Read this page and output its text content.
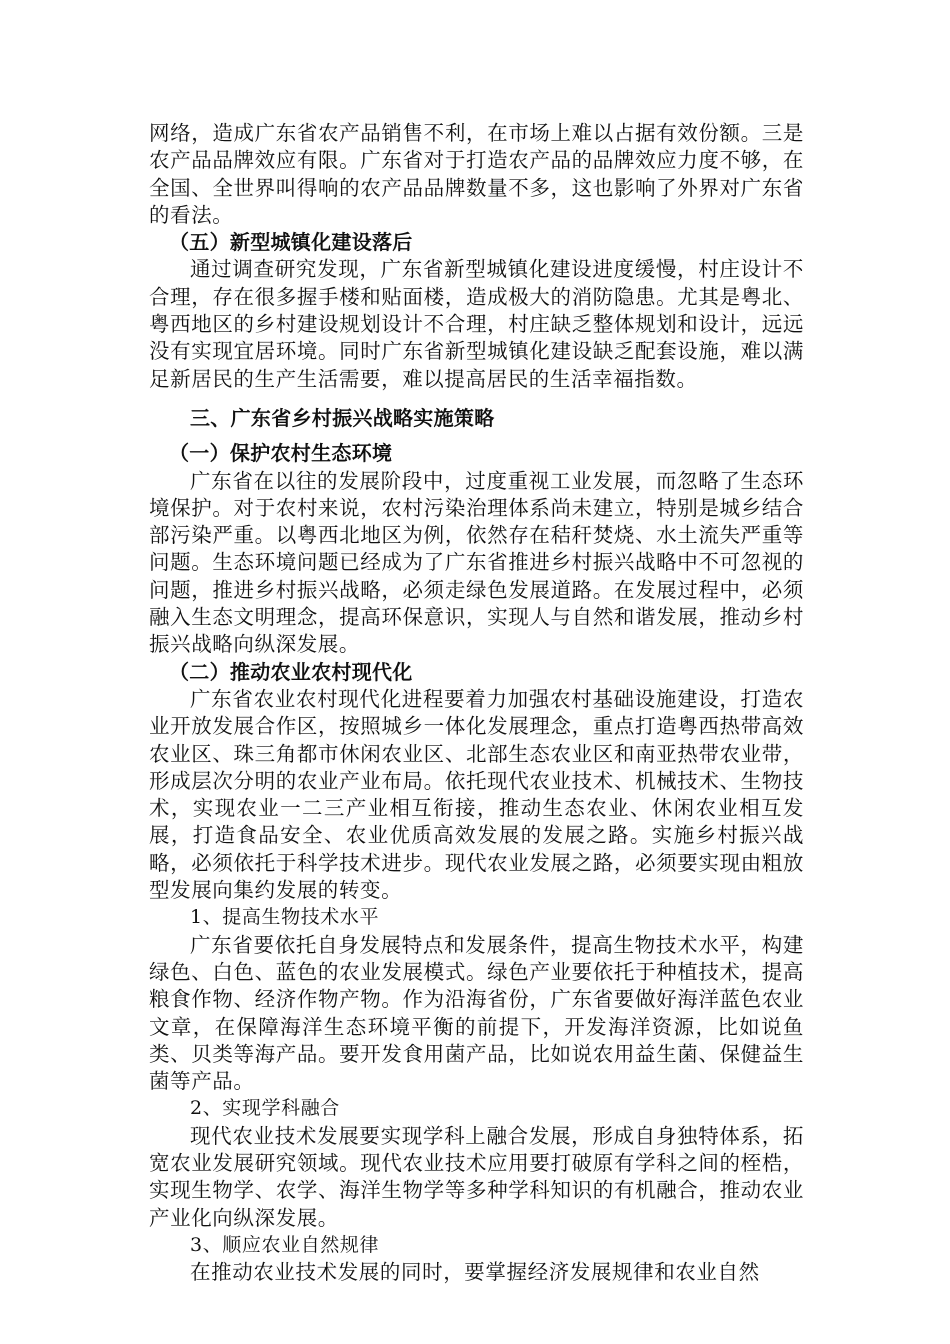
网络，造成广东省农产品销售不利，在市场上难以占据有效份额。三是农产品品牌效应有限。广东省对于打造农产品的品牌效应力度不够，在全国、全世界叫得响的农产品品牌数量不多，这也影响了外界对广东省的看法。

（五）新型城镇化建设落后

通过调查研究发现，广东省新型城镇化建设进度缓慢，村庄设计不合理，存在很多握手楼和贴面楼，造成极大的消防隐患。尤其是粤北、粤西地区的乡村建设规划设计不合理，村庄缺乏整体规划和设计，远远没有实现宜居环境。同时广东省新型城镇化建设缺乏配套设施，难以满足新居民的生产生活需要，难以提高居民的生活幸福指数。

三、广东省乡村振兴战略实施策略

（一）保护农村生态环境

广东省在以往的发展阶段中，过度重视工业发展，而忽略了生态环境保护。对于农村来说，农村污染治理体系尚未建立，特别是城乡结合部污染严重。以粤西北地区为例，依然存在秸秆焚烧、水土流失严重等问题。生态环境问题已经成为了广东省推进乡村振兴战略中不可忽视的问题，推进乡村振兴战略，必须走绿色发展道路。在发展过程中，必须融入生态文明理念，提高环保意识，实现人与自然和谐发展，推动乡村振兴战略向纵深发展。

（二）推动农业农村现代化

广东省农业农村现代化进程要着力加强农村基础设施建设，打造农业开放发展合作区，按照城乡一体化发展理念，重点打造粤西热带高效农业区、珠三角都市休闲农业区、北部生态农业区和南亚热带农业带，形成层次分明的农业产业布局。依托现代农业技术、机械技术、生物技术，实现农业一二三产业相互衔接，推动生态农业、休闲农业相互发展，打造食品安全、农业优质高效发展的发展之路。实施乡村振兴战略，必须依托于科学技术进步。现代农业发展之路，必须要实现由粗放型发展向集约发展的转变。

1、提高生物技术水平

广东省要依托自身发展特点和发展条件，提高生物技术水平，构建绿色、白色、蓝色的农业发展模式。绿色产业要依托于种植技术，提高粮食作物、经济作物产物。作为沿海省份，广东省要做好海洋蓝色农业文章，在保障海洋生态环境平衡的前提下，开发海洋资源，比如说鱼类、贝类等海产品。要开发食用菌产品，比如说农用益生菌、保健益生菌等产品。

2、实现学科融合

现代农业技术发展要实现学科上融合发展，形成自身独特体系，拓宽农业发展研究领域。现代农业技术应用要打破原有学科之间的桎梏，实现生物学、农学、海洋生物学等多种学科知识的有机融合，推动农业产业化向纵深发展。

3、顺应农业自然规律

在推动农业技术发展的同时，要掌握经济发展规律和农业自然
